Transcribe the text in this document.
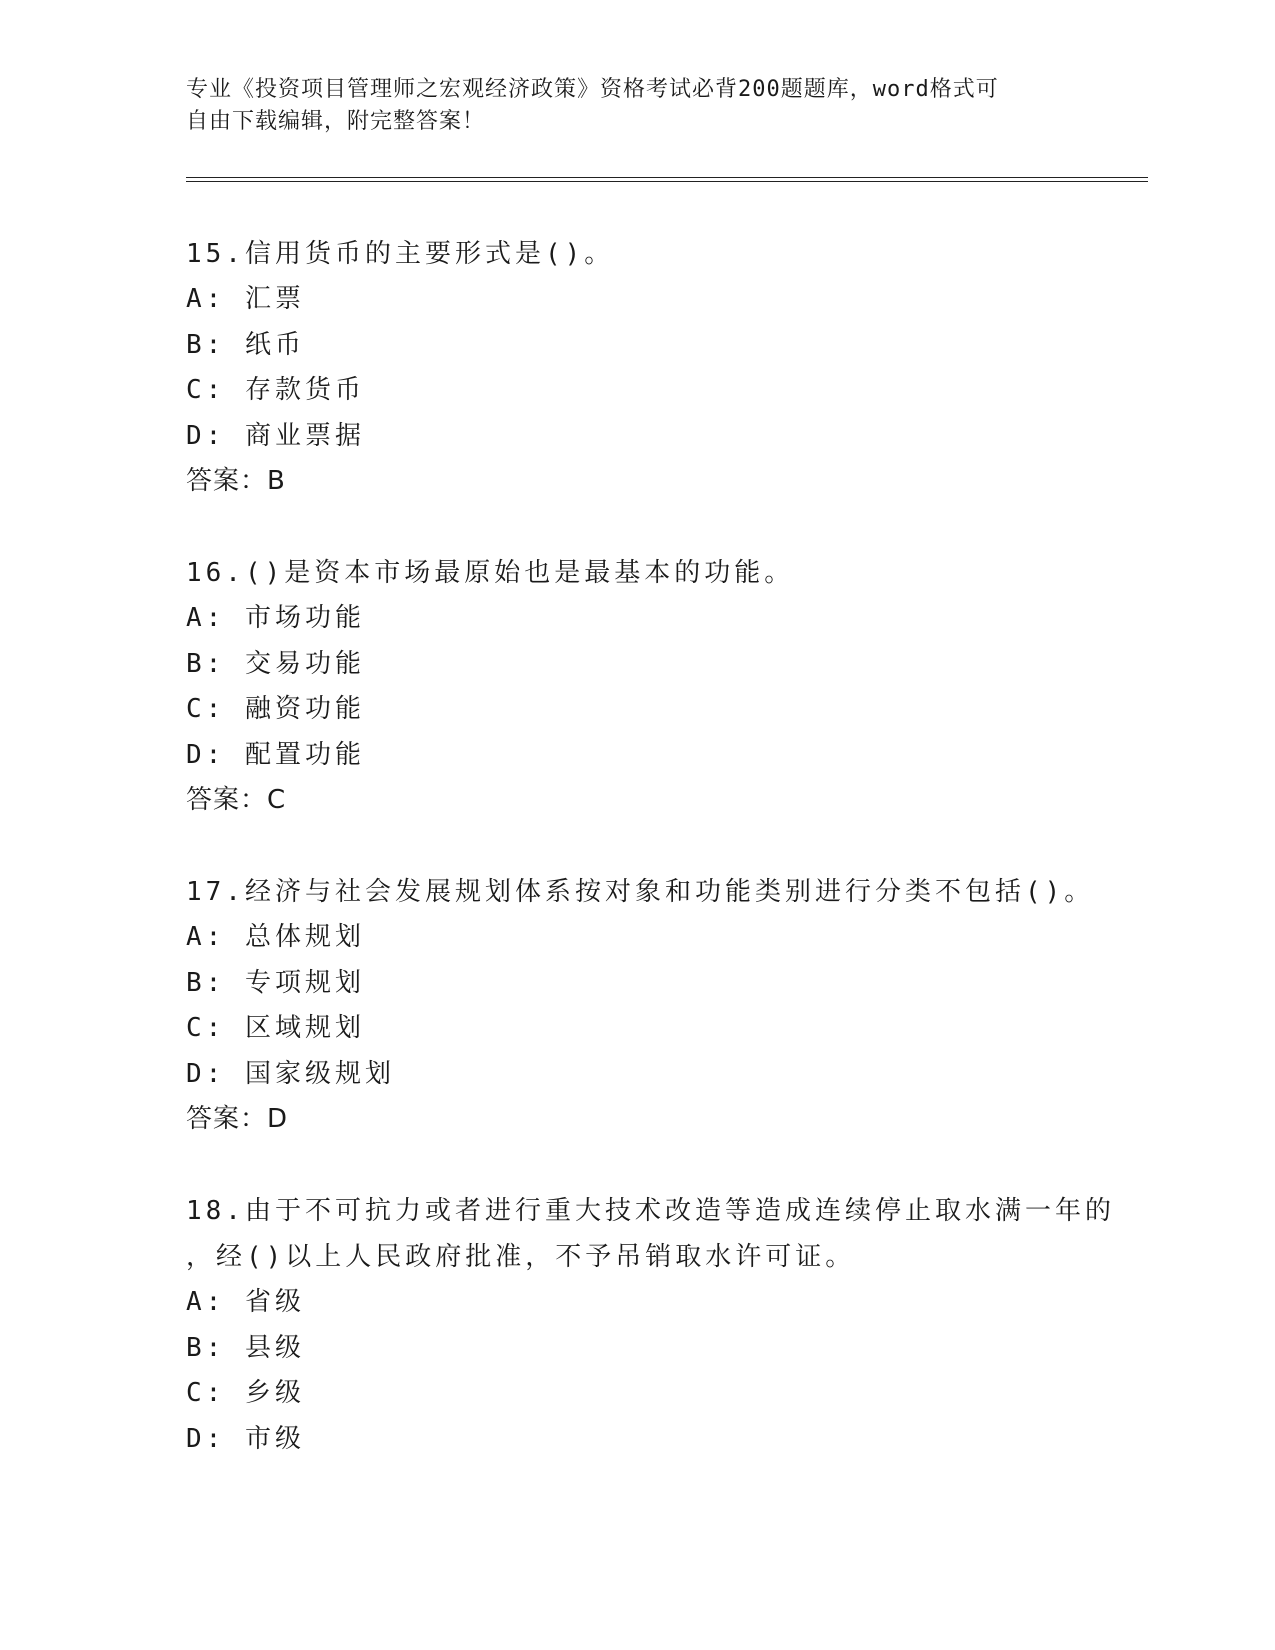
专业《投资项目管理师之宏观经济政策》资格考试必背200题题库，word格式可
自由下载编辑，附完整答案！

15.信用货币的主要形式是()。

A: 汇票

B: 纸币

C: 存款货币

D: 商业票据

答案：B

16.()是资本市场最原始也是最基本的功能。

A: 市场功能

B: 交易功能

C: 融资功能

D: 配置功能

答案：C

17.经济与社会发展规划体系按对象和功能类别进行分类不包括()。

A: 总体规划

B: 专项规划

C: 区域规划

D: 国家级规划

答案：D

18.由于不可抗力或者进行重大技术改造等造成连续停止取水满一年的

，经()以上人民政府批准，不予吊销取水许可证。

A: 省级

B: 县级

C: 乡级

D: 市级
